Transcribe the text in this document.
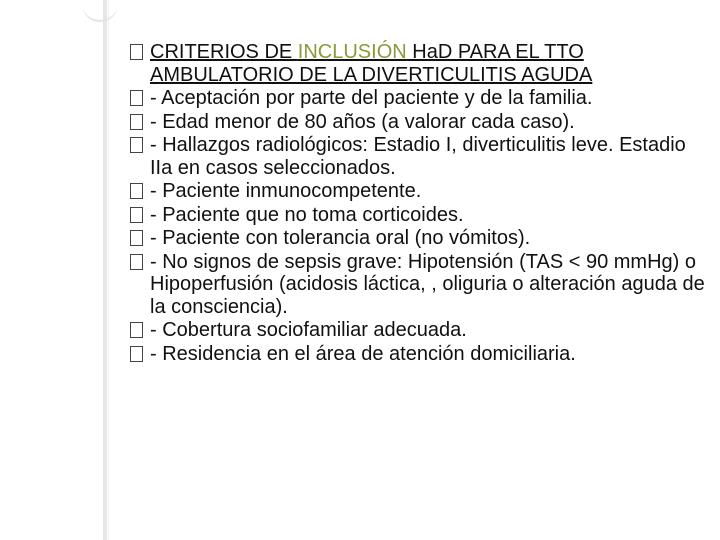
CRITERIOS DE INCLUSIÓN HaD PARA EL TTO AMBULATORIO DE LA DIVERTICULITIS AGUDA
- Aceptación por parte del paciente y de la familia.
- Edad menor de 80 años (a valorar cada caso).
- Hallazgos radiológicos: Estadio I, diverticulitis leve. Estadio IIa en casos seleccionados.
- Paciente inmunocompetente.
- Paciente que no toma corticoides.
- Paciente con tolerancia oral (no vómitos).
- No signos de sepsis grave: Hipotensión (TAS < 90 mmHg) o Hipoperfusión (acidosis láctica, , oliguria o alteración aguda de la consciencia).
- Cobertura sociofamiliar adecuada.
- Residencia en el área de atención domiciliaria.
